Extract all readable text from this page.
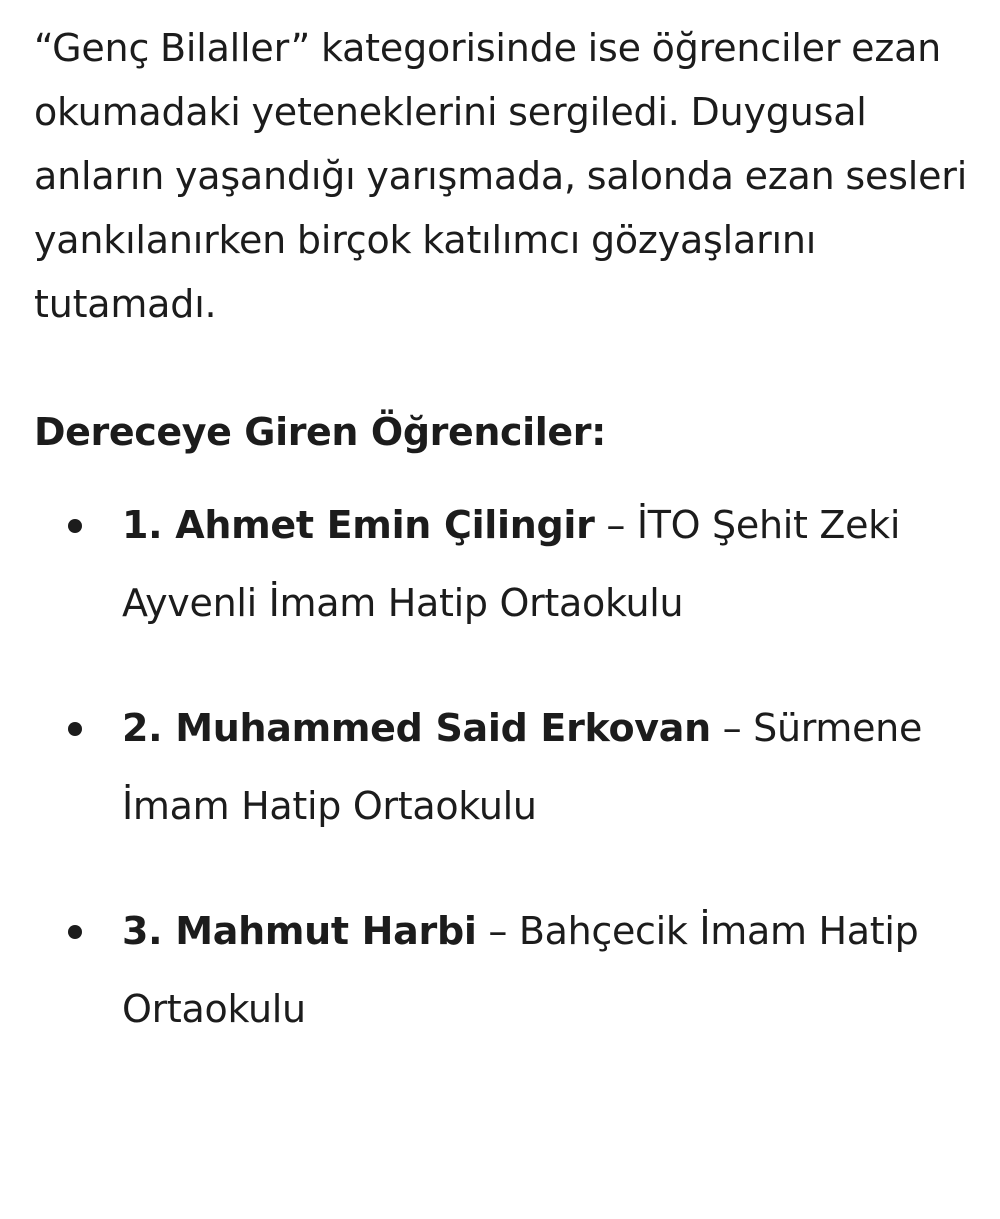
“Genç Bilaller” kategorisinde ise öğrenciler ezan okumadaki yeteneklerini sergiledi. Duygusal anların yaşandığı yarışmada, salonda ezan sesleri yankılanırken birçok katılımcı gözyaşlarını tutamadı.

Dereceye Giren Öğrenciler:
1. Ahmet Emin Çilingir – İTO Şehit Zeki Ayvenli İmam Hatip Ortaokulu
2. Muhammed Said Erkovan – Sürmene İmam Hatip Ortaokulu
3. Mahmut Harbi – Bahçecik İmam Hatip Ortaokulu
